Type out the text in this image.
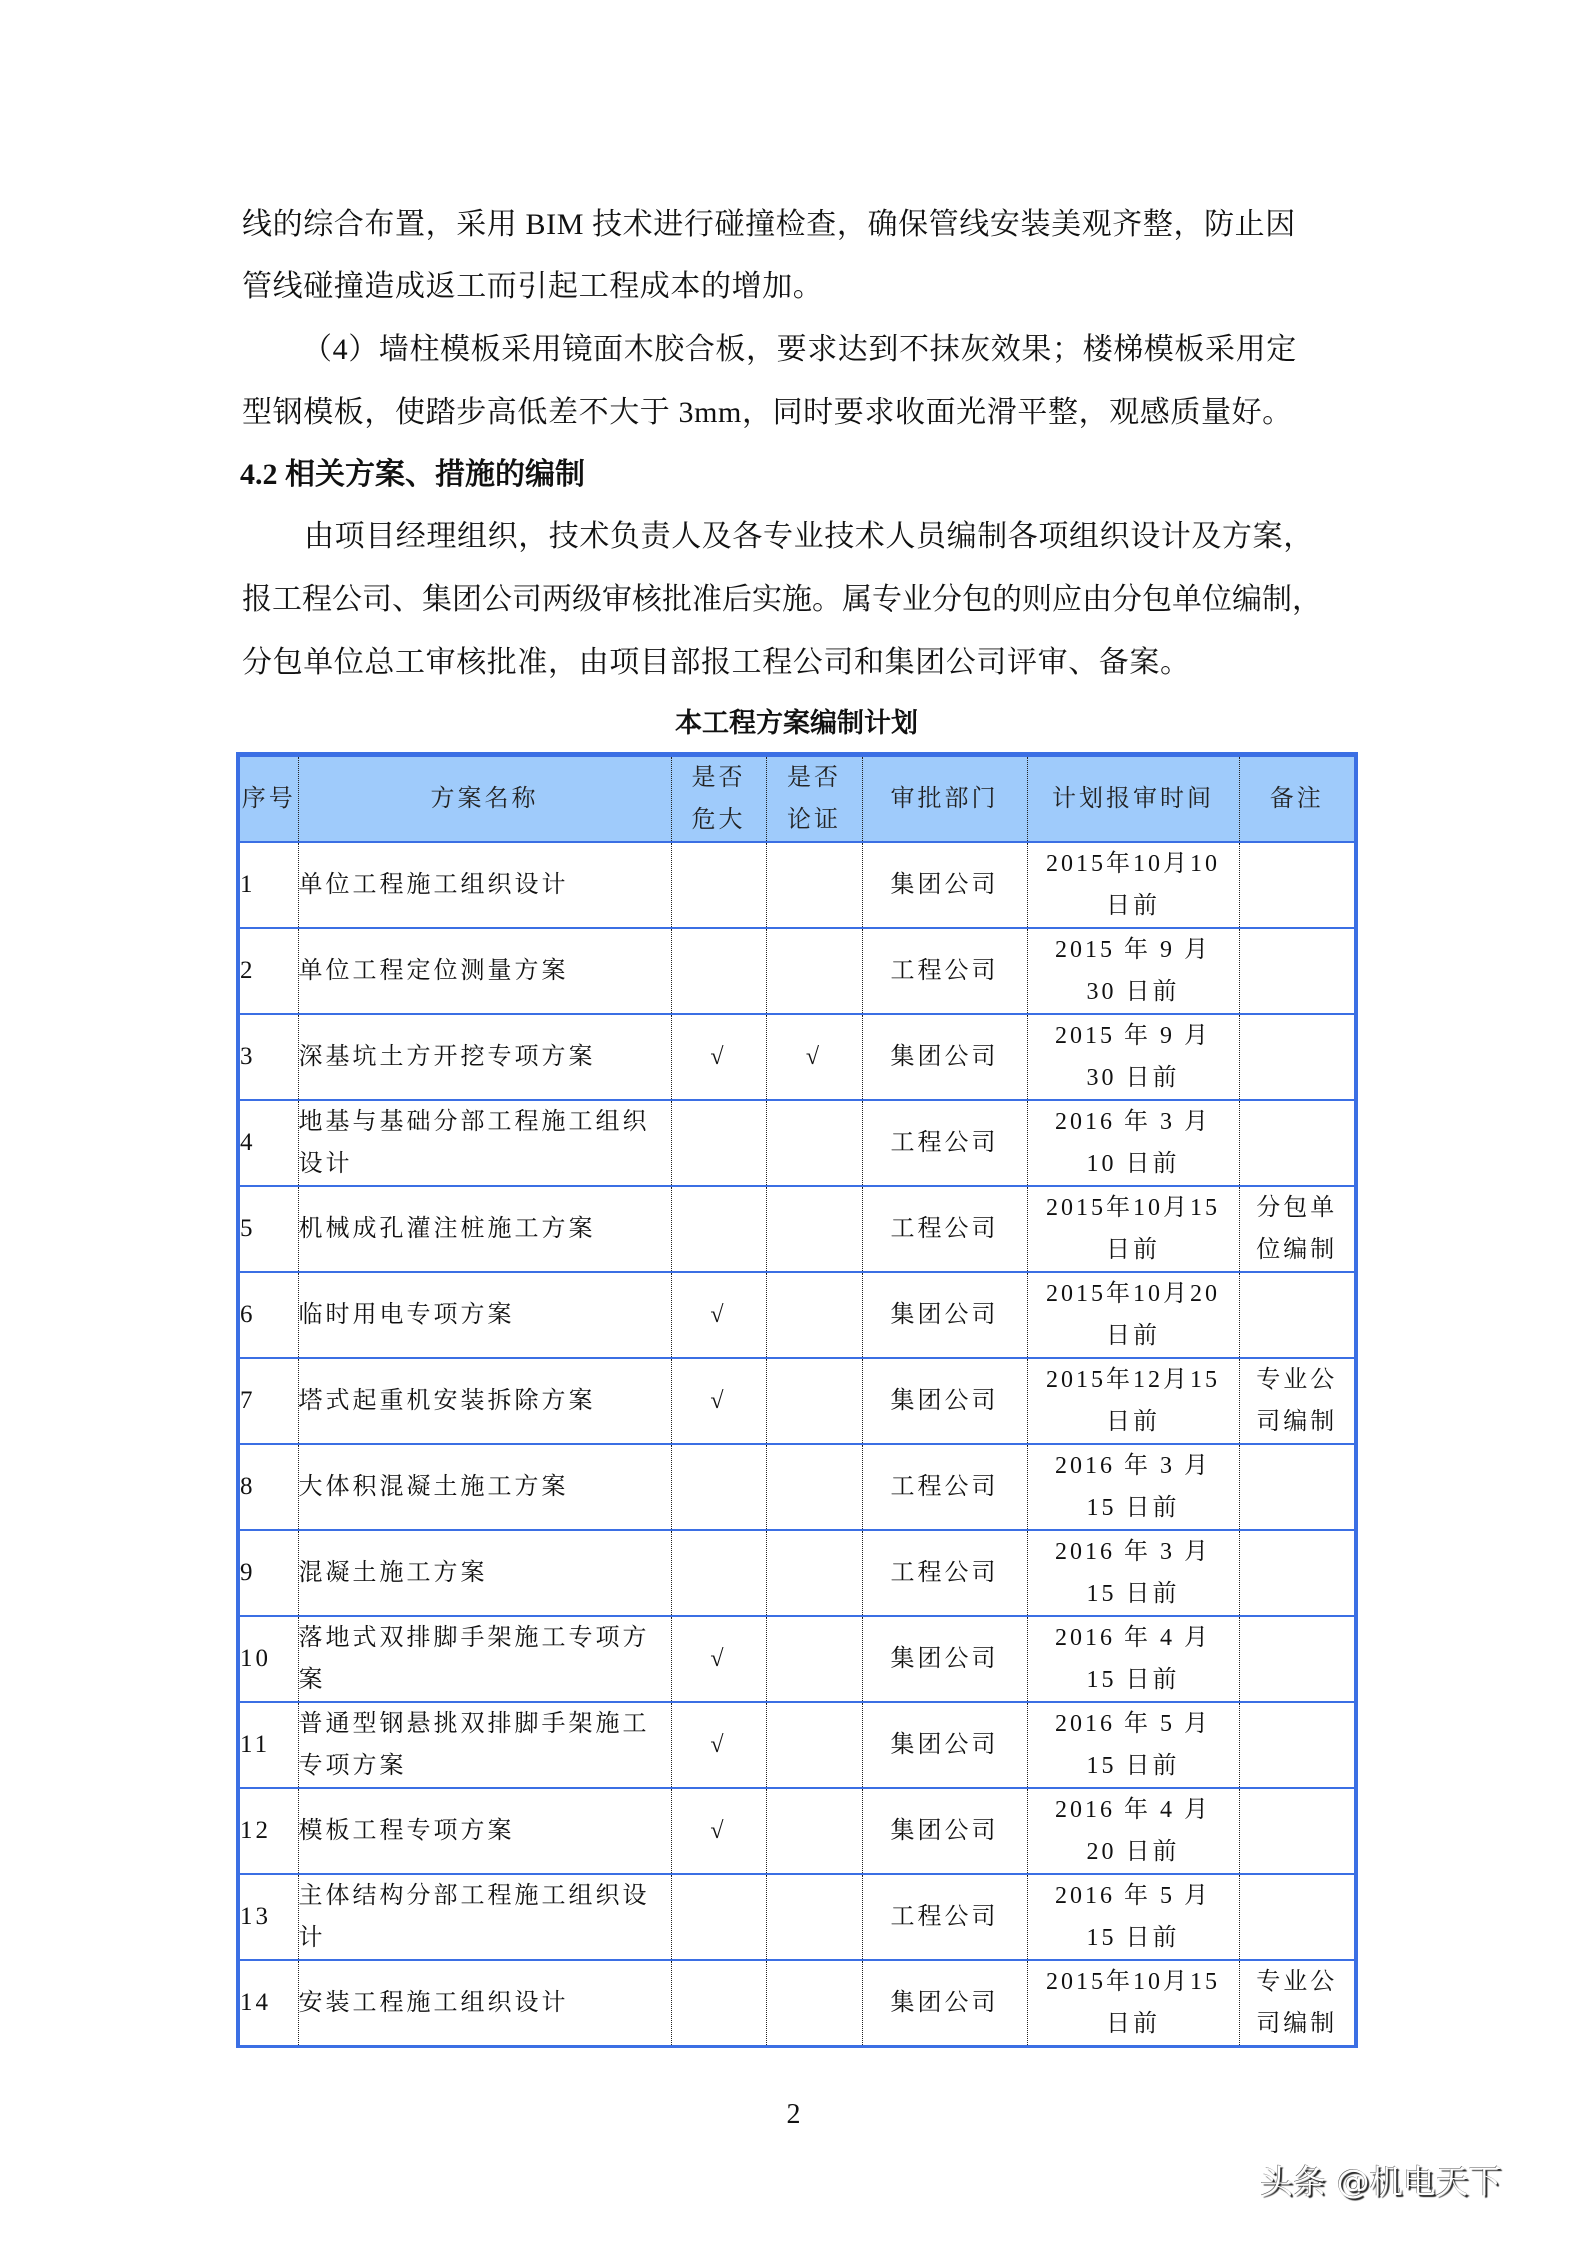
线的综合布置，采用 BIM 技术进行碰撞检查，确保管线安装美观齐整，防止因
管线碰撞造成返工而引起工程成本的增加。
（4）墙柱模板采用镜面木胶合板，要求达到不抹灰效果；楼梯模板采用定
型钢模板，使踏步高低差不大于 3mm，同时要求收面光滑平整，观感质量好。
4.2 相关方案、措施的编制
由项目经理组织，技术负责人及各专业技术人员编制各项组织设计及方案，
报工程公司、集团公司两级审核批准后实施。属专业分包的则应由分包单位编制，
分包单位总工审核批准，由项目部报工程公司和集团公司评审、备案。
本工程方案编制计划
序号	方案名称	是否危大	是否论证	审批部门	计划报审时间	备注
1	单位工程施工组织设计			集团公司	2015年10月10日前	
2	单位工程定位测量方案			工程公司	2015 年 9 月 30 日前	
3	深基坑土方开挖专项方案	√	√	集团公司	2015 年 9 月 30 日前	
4	地基与基础分部工程施工组织设计			工程公司	2016 年 3 月 10 日前	
5	机械成孔灌注桩施工方案			工程公司	2015年10月15日前	分包单位编制
6	临时用电专项方案	√		集团公司	2015年10月20日前	
7	塔式起重机安装拆除方案	√		集团公司	2015年12月15日前	专业公司编制
8	大体积混凝土施工方案			工程公司	2016 年 3 月 15 日前	
9	混凝土施工方案			工程公司	2016 年 3 月 15 日前	
10	落地式双排脚手架施工专项方案	√		集团公司	2016 年 4 月 15 日前	
11	普通型钢悬挑双排脚手架施工专项方案	√		集团公司	2016 年 5 月 15 日前	
12	模板工程专项方案	√		集团公司	2016 年 4 月 20 日前	
13	主体结构分部工程施工组织设计			工程公司	2016 年 5 月 15 日前	
14	安装工程施工组织设计			集团公司	2015年10月15日前	专业公司编制
2
头条 @机电天下
